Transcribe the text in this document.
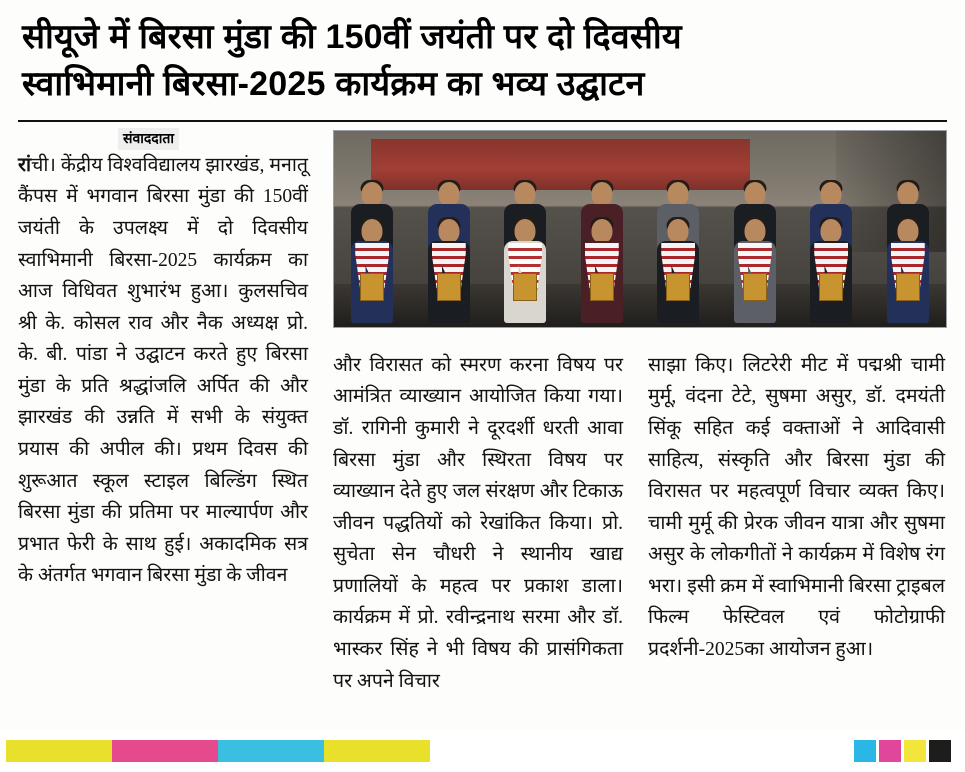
सीयूजे में बिरसा मुंडा की 150वीं जयंती पर दो दिवसीय
स्वाभिमानी बिरसा-2025 कार्यक्रम का भव्य उद्घाटन
संवाददाता

रांची। केंद्रीय विश्वविद्यालय झारखंड, मनातू कैंपस में भगवान बिरसा मुंडा की 150वीं जयंती के उपलक्ष्य में दो दिवसीय स्वाभिमानी बिरसा-2025 कार्यक्रम का आज विधिवत शुभारंभ हुआ। कुलसचिव श्री के. कोसल राव और नैक अध्यक्ष प्रो. के. बी. पांडा ने उद्घाटन करते हुए बिरसा मुंडा के प्रति श्रद्धांजलि अर्पित की और झारखंड की उन्नति में सभी के संयुक्त प्रयास की अपील की। प्रथम दिवस की शुरूआत स्कूल स्टाइल बिल्डिंग स्थित बिरसा मुंडा की प्रतिमा पर माल्यार्पण और प्रभात फेरी के साथ हुई। अकादमिक सत्र के अंतर्गत भगवान बिरसा मुंडा के जीवन

और विरासत को स्मरण करना विषय पर आमंत्रित व्याख्यान आयोजित किया गया। डॉ. रागिनी कुमारी ने दूरदर्शी धरती आवा बिरसा मुंडा और स्थिरता विषय पर व्याख्यान देते हुए जल संरक्षण और टिकाऊ जीवन पद्धतियों को रेखांकित किया। प्रो. सुचेता सेन चौधरी ने स्थानीय खाद्य प्रणालियों के महत्व पर प्रकाश डाला। कार्यक्रम में प्रो. रवीन्द्रनाथ सरमा और डॉ. भास्कर सिंह ने भी विषय की प्रासंगिकता पर अपने विचार

साझा किए। लिटरेरी मीट में पद्मश्री चामी मुर्मू, वंदना टेटे, सुषमा असुर, डॉ. दमयंती सिंकू सहित कई वक्ताओं ने आदिवासी साहित्य, संस्कृति और बिरसा मुंडा की विरासत पर महत्वपूर्ण विचार व्यक्त किए। चामी मुर्मू की प्रेरक जीवन यात्रा और सुषमा असुर के लोकगीतों ने कार्यक्रम में विशेष रंग भरा। इसी क्रम में स्वाभिमानी बिरसा ट्राइबल फिल्म फेस्टिवल एवं फोटोग्राफी प्रदर्शनी-2025का आयोजन हुआ।
